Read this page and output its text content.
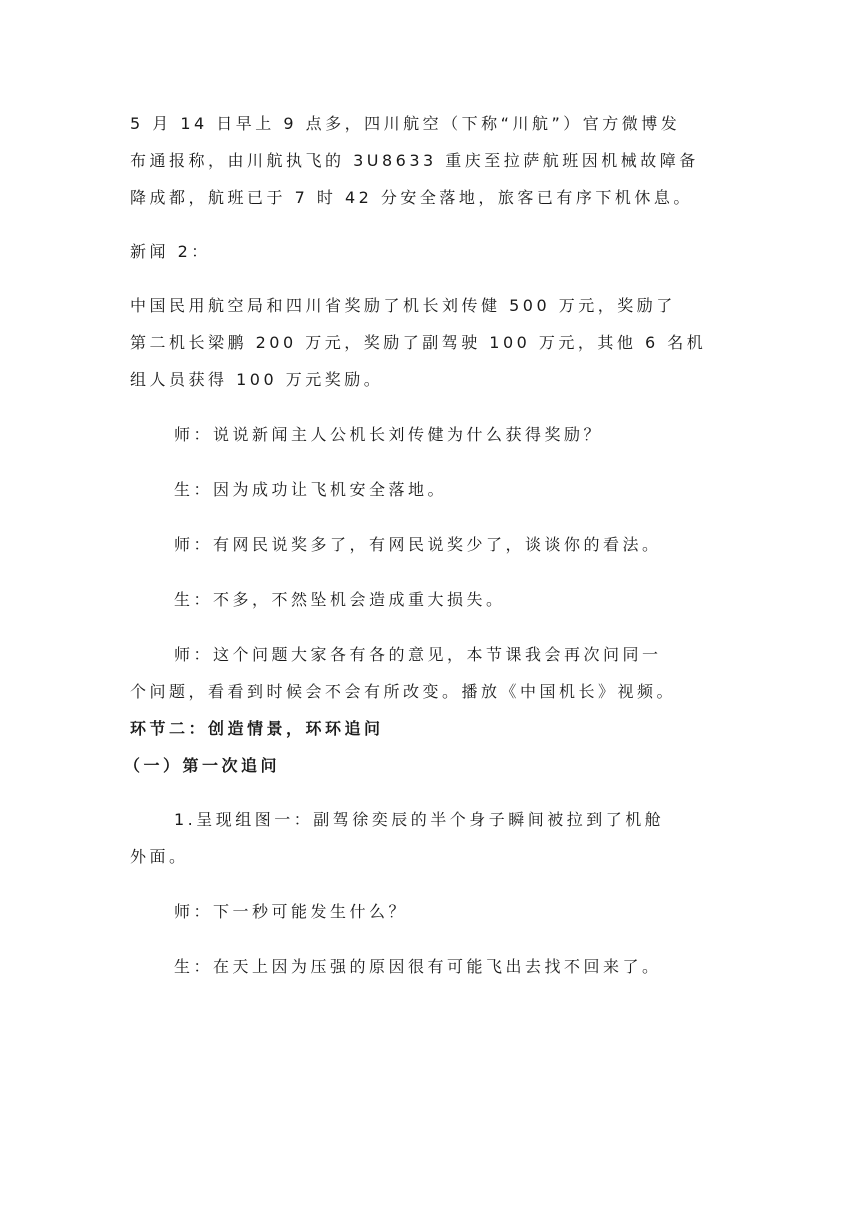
5 月 14 日早上 9 点多，四川航空（下称“川航”）官方微博发
布通报称，由川航执飞的 3U8633 重庆至拉萨航班因机械故障备
降成都，航班已于 7 时 42 分安全落地，旅客已有序下机休息。

新闻 2：

中国民用航空局和四川省奖励了机长刘传健 500 万元，奖励了
第二机长梁鹏 200 万元，奖励了副驾驶 100 万元，其他 6 名机
组人员获得 100 万元奖励。

师：说说新闻主人公机长刘传健为什么获得奖励？

生：因为成功让飞机安全落地。

师：有网民说奖多了，有网民说奖少了，谈谈你的看法。

生：不多，不然坠机会造成重大损失。

师：这个问题大家各有各的意见，本节课我会再次问同一
个问题，看看到时候会不会有所改变。播放《中国机长》视频。

环节二：创造情景，环环追问

（一）第一次追问

1.呈现组图一：副驾徐奕辰的半个身子瞬间被拉到了机舱
外面。

师：下一秒可能发生什么？

生：在天上因为压强的原因很有可能飞出去找不回来了。
